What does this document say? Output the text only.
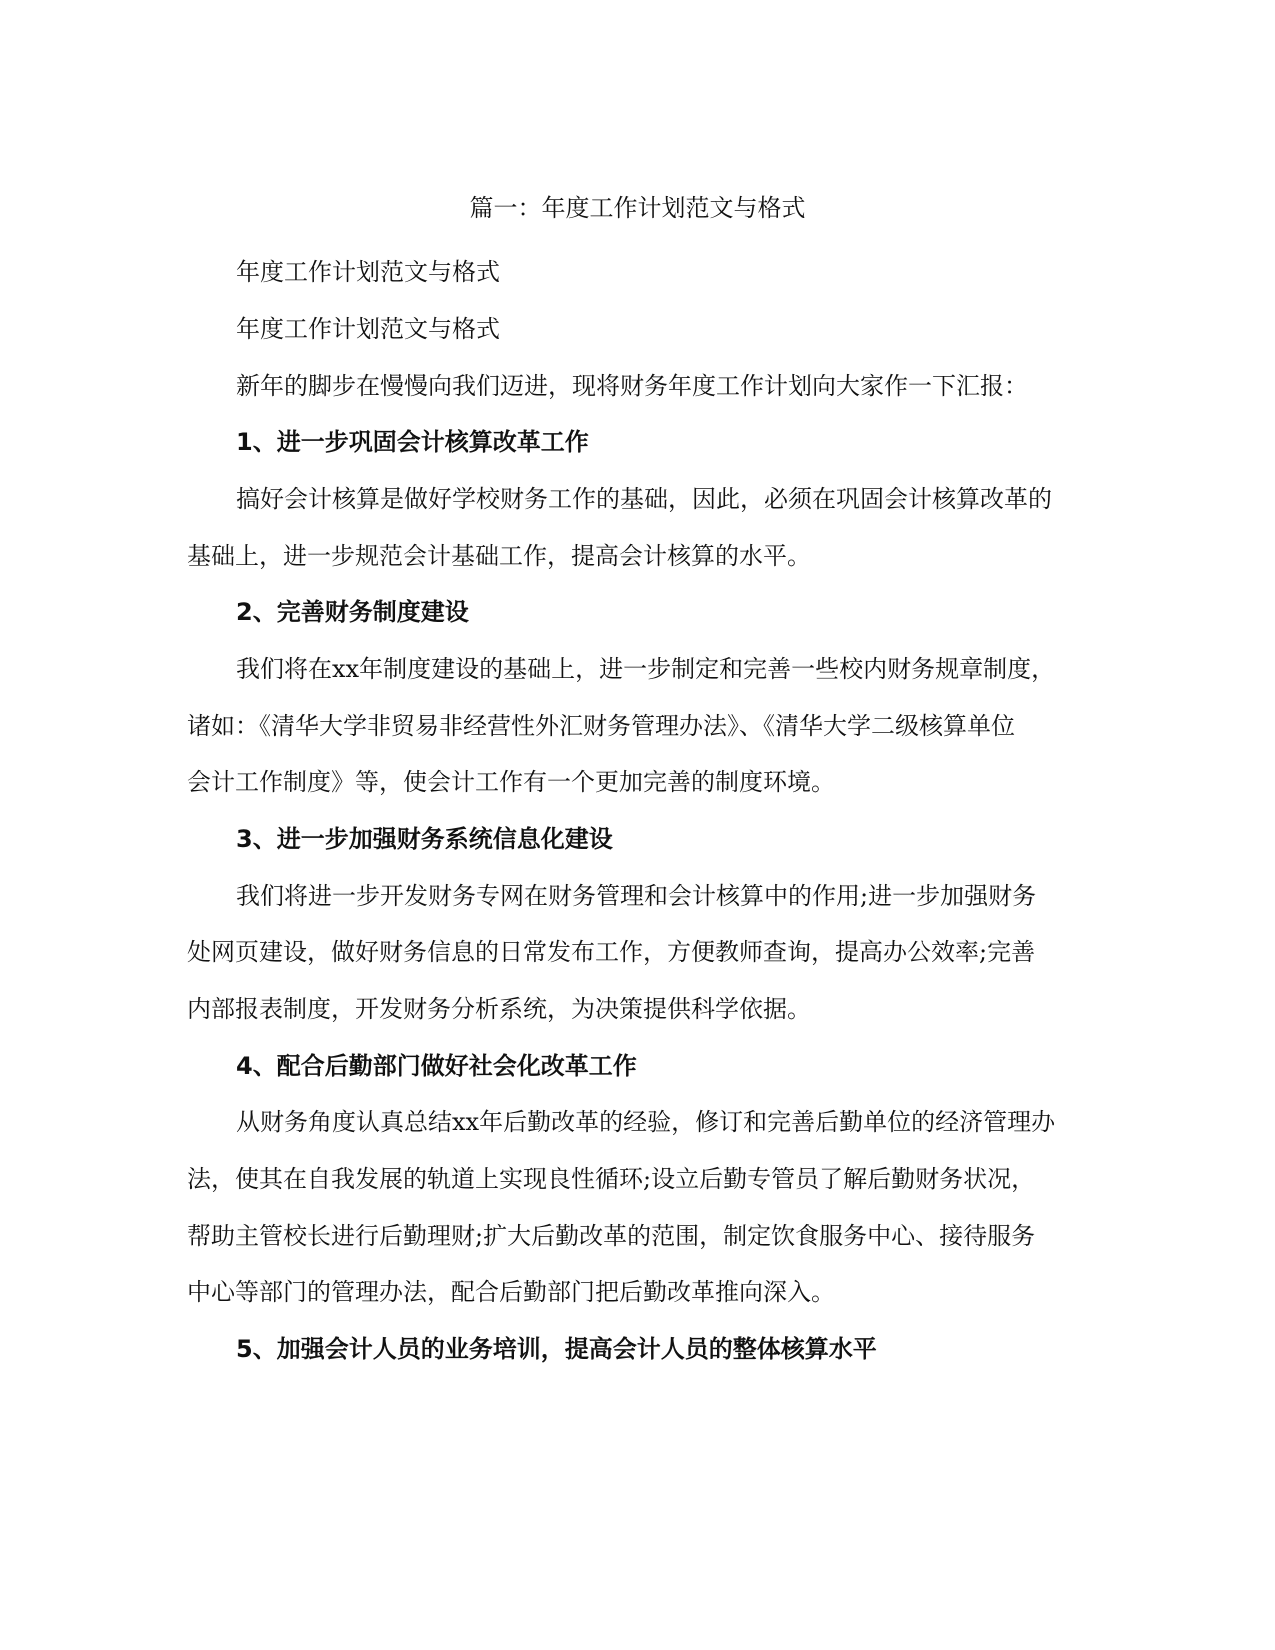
篇一：年度工作计划范文与格式
年度工作计划范文与格式
年度工作计划范文与格式
新年的脚步在慢慢向我们迈进，现将财务年度工作计划向大家作一下汇报：
1、进一步巩固会计核算改革工作
搞好会计核算是做好学校财务工作的基础，因此，必须在巩固会计核算改革的
基础上，进一步规范会计基础工作，提高会计核算的水平。
2、完善财务制度建设
我们将在xx年制度建设的基础上，进一步制定和完善一些校内财务规章制度，
诸如：《清华大学非贸易非经营性外汇财务管理办法》、《清华大学二级核算单位
会计工作制度》等，使会计工作有一个更加完善的制度环境。
3、进一步加强财务系统信息化建设
我们将进一步开发财务专网在财务管理和会计核算中的作用;进一步加强财务
处网页建设，做好财务信息的日常发布工作，方便教师查询，提高办公效率;完善
内部报表制度，开发财务分析系统，为决策提供科学依据。
4、配合后勤部门做好社会化改革工作
从财务角度认真总结xx年后勤改革的经验，修订和完善后勤单位的经济管理办
法，使其在自我发展的轨道上实现良性循环;设立后勤专管员了解后勤财务状况，
帮助主管校长进行后勤理财;扩大后勤改革的范围，制定饮食服务中心、接待服务
中心等部门的管理办法，配合后勤部门把后勤改革推向深入。
5、加强会计人员的业务培训，提高会计人员的整体核算水平
